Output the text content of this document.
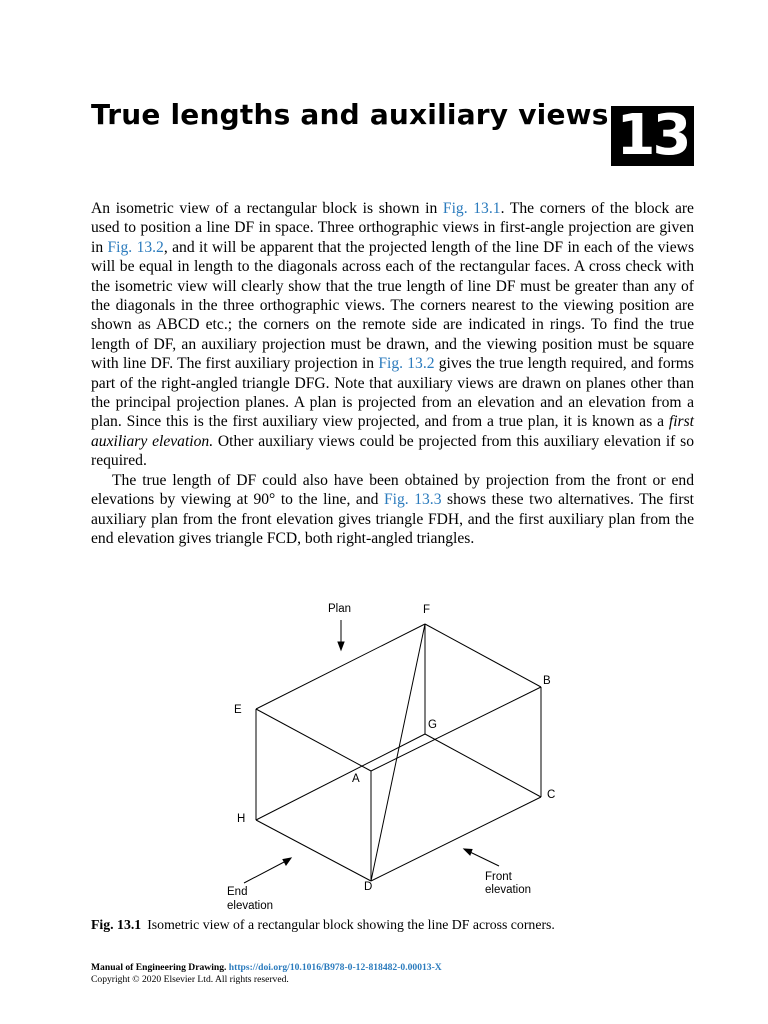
True lengths and auxiliary views 13

An isometric view of a rectangular block is shown in Fig. 13.1. The corners of the block are used to position a line DF in space. Three orthographic views in first-angle projection are given in Fig. 13.2, and it will be apparent that the projected length of the line DF in each of the views will be equal in length to the diagonals across each of the rectangular faces. A cross check with the isometric view will clearly show that the true length of line DF must be greater than any of the diagonals in the three orthographic views. The corners nearest to the viewing position are shown as ABCD etc.; the corners on the remote side are indicated in rings. To find the true length of DF, an auxiliary projection must be drawn, and the viewing position must be square with line DF. The first auxiliary projection in Fig. 13.2 gives the true length required, and forms part of the right-angled triangle DFG. Note that auxiliary views are drawn on planes other than the principal projection planes. A plan is projected from an elevation and an elevation from a plan. Since this is the first auxiliary view projected, and from a true plan, it is known as a first auxiliary elevation. Other auxiliary views could be projected from this auxiliary elevation if so required.

The true length of DF could also have been obtained by projection from the front or end elevations by viewing at 90° to the line, and Fig. 13.3 shows these two alternatives. The first auxiliary plan from the front elevation gives triangle FDH, and the first auxiliary plan from the end elevation gives triangle FCD, both right-angled triangles.

Plan	F
B
E
G
A
C
H
D
Front
elevation
End
elevation
Fig. 13.1 Isometric view of a rectangular block showing the line DF across corners.
Manual of Engineering Drawing. https://doi.org/10.1016/B978-0-12-818482-0.00013-X
Copyright © 2020 Elsevier Ltd. All rights reserved.
